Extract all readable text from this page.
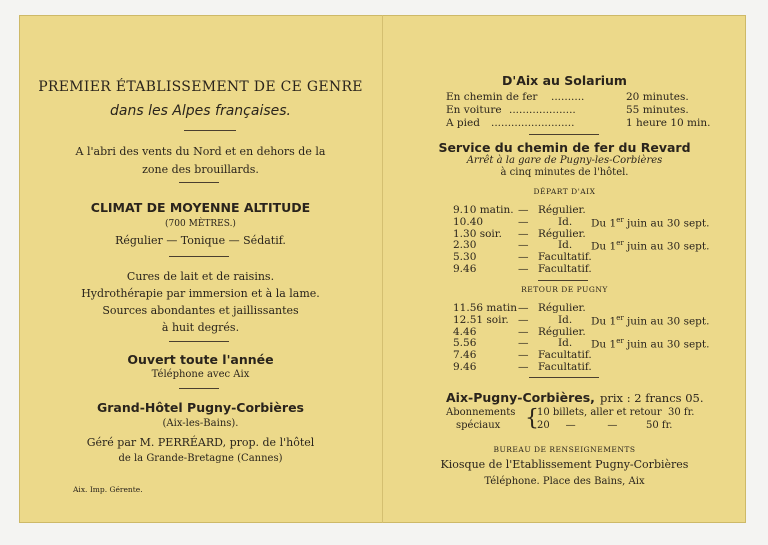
PREMIER ÉTABLISSEMENT DE CE GENRE
dans les Alpes françaises.
A l'abri des vents du Nord et en dehors de la
zone des brouillards.
CLIMAT DE MOYENNE ALTITUDE
(700 MÈTRES.)
Régulier — Tonique — Sédatif.
Cures de lait et de raisins.
Hydrothérapie par immersion et à la lame.
Sources abondantes et jaillissantes
à huit degrés.
Ouvert toute l'année
Téléphone avec Aix
Grand-Hôtel Pugny-Corbières
(Aix-les-Bains).
Géré par M. PERRÉARD, prop. de l'hôtel
de la Grande-Bretagne (Cannes)
Aix. Imp. Gérente.
D'Aix au Solarium
En chemin de fer ..........	20 minutes.
En voiture ....................	55 minutes.
A pied .........................	1 heure 10 min.
Service du chemin de fer du Revard
Arrêt à la gare de Pugny-les-Corbières
à cinq minutes de l'hôtel.
DÉPART D'AIX
9.10 matin. — Régulier.
10.40	—	Id. Du 1er juin au 30 sept.
1.30 soir. — Régulier.
2.30	—	Id. Du 1er juin au 30 sept.
5.30	— Facultatif.
9.46	— Facultatif.
RETOUR DE PUGNY
11.56 matin — Régulier.
12.51 soir. —	Id. Du 1er juin au 30 sept.
4.46	— Régulier.
5.56	—	Id. Du 1er juin au 30 sept.
7.46	— Facultatif.
9.46	— Facultatif.
Aix-Pugny-Corbières, prix : 2 francs 05.
Abonnements
spéciaux {
10 billets, aller et retour  30 fr.
20     —          —         50 fr.
BUREAU DE RENSEIGNEMENTS
Kiosque de l'Etablissement Pugny-Corbières
Téléphone. Place des Bains, Aix
